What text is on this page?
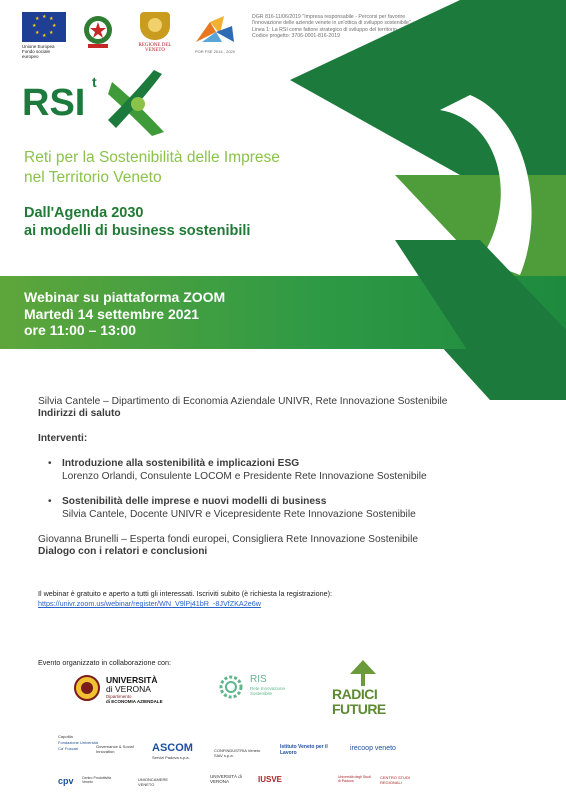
★ ★
★
★
★
★
★
★
Unione Europea
Fondo sociale europeo
REGIONE DEL VENETO	POR FSE 2014 - 2020
DGR 816-11/06/2019 "Impresa responsabile - Percorsi per favorire
l'innovazione delle aziende venete in un'ottica di sviluppo sostenibile"
Linea 1: La RSI come fattore strategico di sviluppo del territorio
Codice progetto: 3706-0001-816-2019
RSI t
Reti per la Sostenibilità delle Imprese
nel Territorio Veneto
Dall'Agenda 2030
ai modelli di business sostenibili
Webinar su piattaforma ZOOM
Martedì 14 settembre 2021
ore 11:00 – 13:00
Silvia Cantele – Dipartimento di Economia Aziendale UNIVR, Rete Innovazione Sostenibile
Indirizzi di saluto
Interventi:
• Introduzione alla sostenibilità e implicazioni ESG
Lorenzo Orlandi, Consulente LOCOM e Presidente Rete Innovazione Sostenibile
• Sostenibilità delle imprese e nuovi modelli di business
Silvia Cantele, Docente UNIVR e Vicepresidente Rete Innovazione Sostenibile
Giovanna Brunelli – Esperta fondi europei, Consigliera Rete Innovazione Sostenibile
Dialogo con i relatori e conclusioni
Il webinar è gratuito e aperto a tutti gli interessati. Iscriviti subito (è richiesta la registrazione):
https://univr.zoom.us/webinar/register/WN_V9lPj41bR_-8JVfZKA2e6w
Evento organizzato in collaborazione con:
UNIVERSITÀ
di VERONA
Dipartimento
di ECONOMIA AZIENDALE
RIS
Rete Innovazione Sostenibile	RADICI
FUTURE
Capofila
Fondazione Università Ca' Foscari	Governance & Social Innovation	ASCOM
Servizi Padova s.p.a.
CONFINDUSTRIA Veneto SIAV s.p.a.
Istituto Veneto per il Lavoro
irecoop veneto
cpv Centro Produttività Veneto	UNIONCAMERE VENETO
UNIVERSITÀ di VERONA	IUSVE	CENTRO STUDI REGIONALI
Università degli Studi di Padova
